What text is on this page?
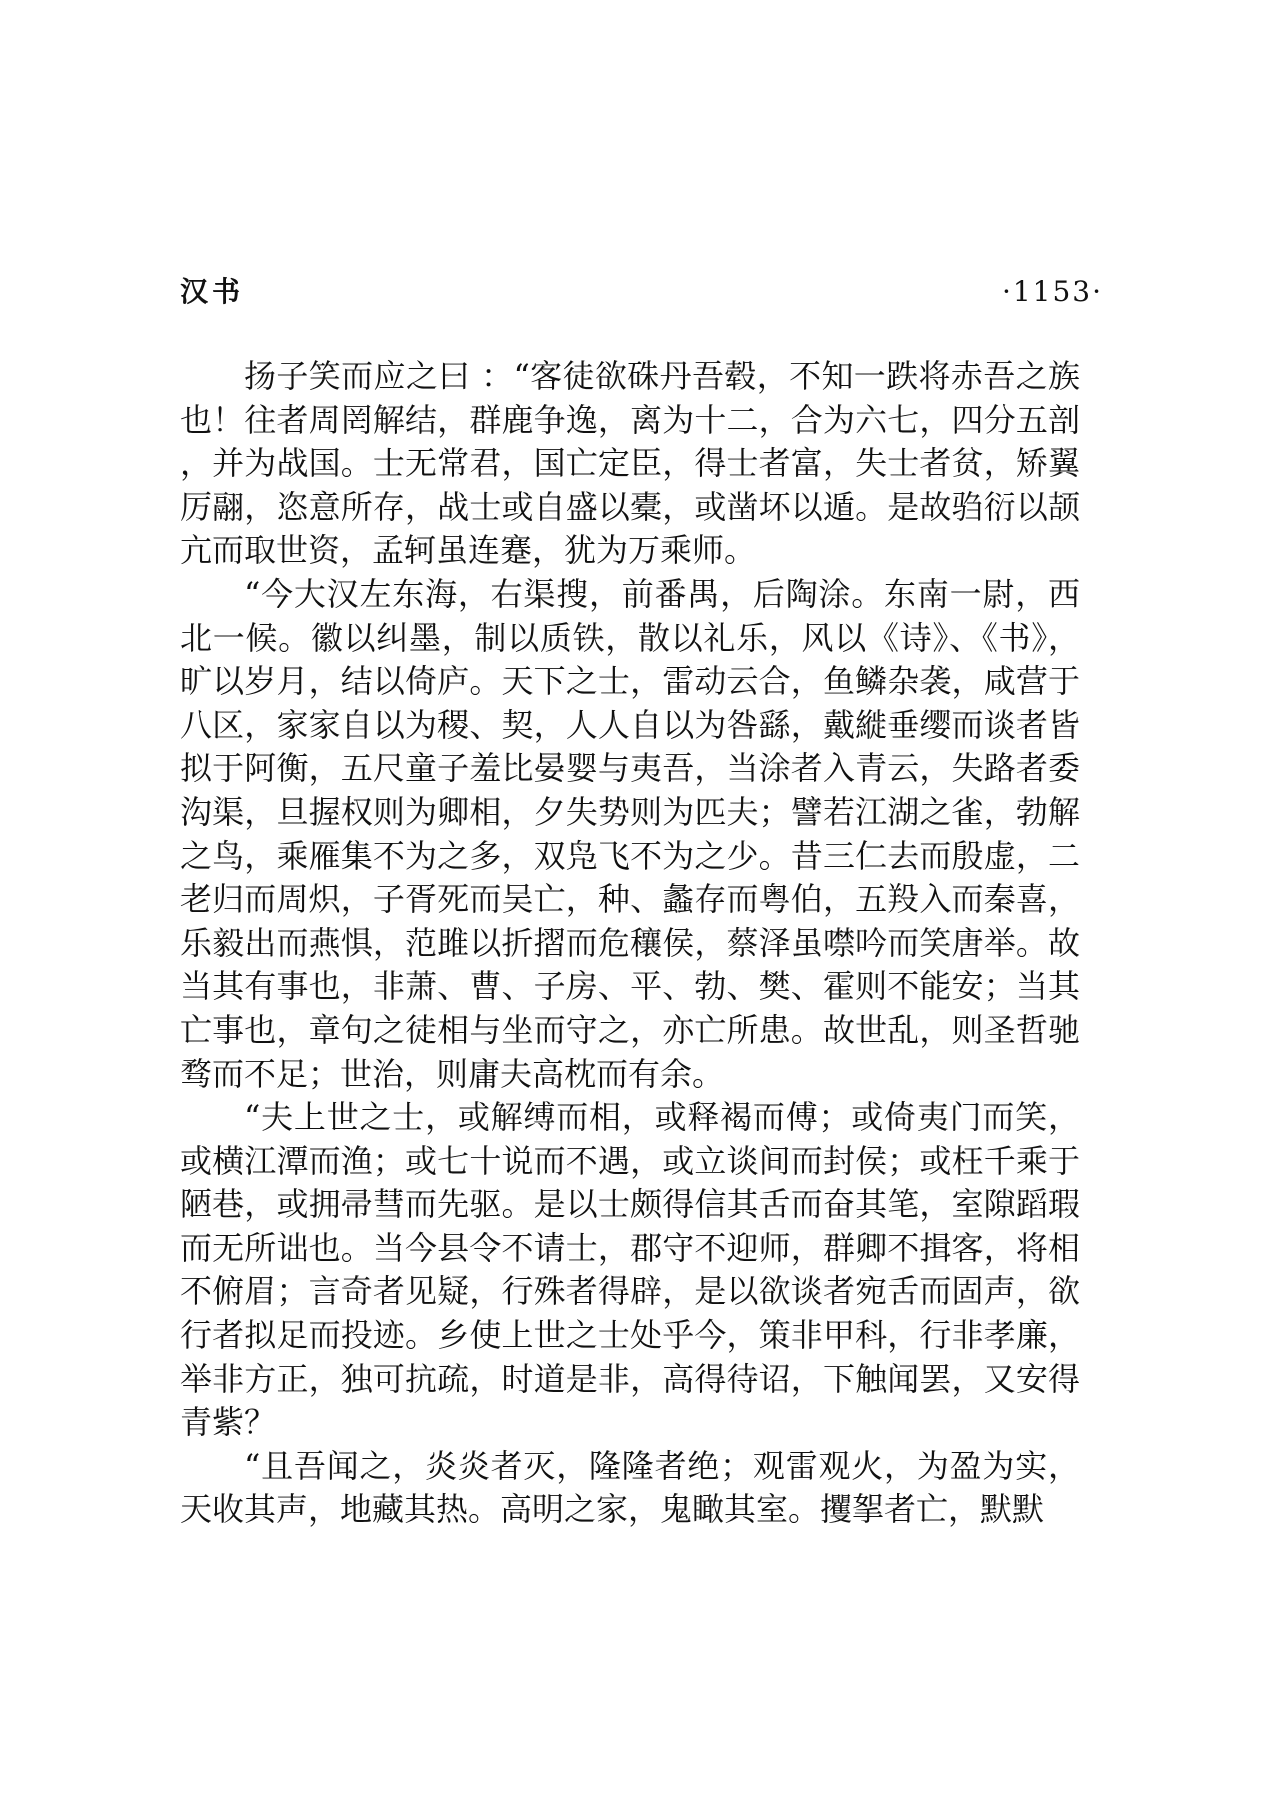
汉书	·1153·

扬子笑而应之曰 ：“客徒欲硃丹吾毂，不知一跌将赤吾之族也！往者周罔解结，群鹿争逸，离为十二，合为六七，四分五剖，并为战国。士无常君，国亡定臣，得士者富，失士者贫，矫翼厉翮，恣意所存，战士或自盛以橐，或凿坏以遁。是故驺衍以颉亢而取世资，孟轲虽连蹇，犹为万乘师。

“今大汉左东海，右渠搜，前番禺，后陶涂。东南一尉，西北一候。徽以纠墨，制以质铁，散以礼乐，风以《诗》、《书》，旷以岁月，结以倚庐。天下之士，雷动云合，鱼鳞杂袭，咸营于八区，家家自以为稷、契，人人自以为咎繇，戴縰垂缨而谈者皆拟于阿衡，五尺童子羞比晏婴与夷吾，当涂者入青云，失路者委沟渠，旦握权则为卿相，夕失势则为匹夫；譬若江湖之雀，勃解之鸟，乘雁集不为之多，双凫飞不为之少。昔三仁去而殷虚，二老归而周炽，子胥死而吴亡，种、蠡存而粤伯，五羖入而秦喜，乐毅出而燕惧，范雎以折摺而危穰侯，蔡泽虽噤吟而笑唐举。故当其有事也，非萧、曹、子房、平、勃、樊、霍则不能安；当其亡事也，章句之徒相与坐而守之，亦亡所患。故世乱，则圣哲驰骛而不足；世治，则庸夫高枕而有余。

“夫上世之士，或解缚而相，或释褐而傅；或倚夷门而笑，或横江潭而渔；或七十说而不遇，或立谈间而封侯；或枉千乘于陋巷，或拥帚彗而先驱。是以士颇得信其舌而奋其笔，室隙蹈瑕而无所诎也。当今县令不请士，郡守不迎师，群卿不揖客，将相不俯眉；言奇者见疑，行殊者得辟，是以欲谈者宛舌而固声，欲行者拟足而投迹。乡使上世之士处乎今，策非甲科，行非孝廉，举非方正，独可抗疏，时道是非，高得待诏，下触闻罢，又安得青紫？

“且吾闻之，炎炎者灭，隆隆者绝；观雷观火，为盈为实，天收其声，地藏其热。高明之家，鬼瞰其室。攫挐者亡，默默
